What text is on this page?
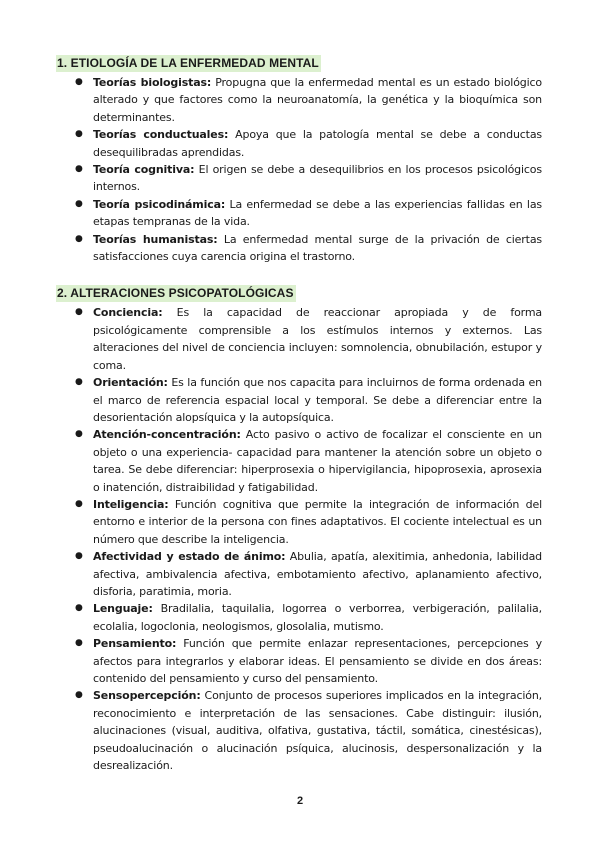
1. ETIOLOGÍA DE LA ENFERMEDAD MENTAL
● Teorías biologistas: Propugna que la enfermedad mental es un estado biológico alterado y que factores como la neuroanatomía, la genética y la bioquímica son determinantes.
● Teorías conductuales: Apoya que la patología mental se debe a conductas desequilibradas aprendidas.
● Teoría cognitiva: El origen se debe a desequilibrios en los procesos psicológicos internos.
● Teoría psicodinámica: La enfermedad se debe a las experiencias fallidas en las etapas tempranas de la vida.
● Teorías humanistas: La enfermedad mental surge de la privación de ciertas satisfacciones cuya carencia origina el trastorno.
2. ALTERACIONES PSICOPATOLÓGICAS
● Conciencia: Es la capacidad de reaccionar apropiada y de forma psicológicamente comprensible a los estímulos internos y externos. Las alteraciones del nivel de conciencia incluyen: somnolencia, obnubilación, estupor y coma.
● Orientación: Es la función que nos capacita para incluirnos de forma ordenada en el marco de referencia espacial local y temporal. Se debe a diferenciar entre la desorientación alopsíquica y la autopsíquica.
● Atención-concentración: Acto pasivo o activo de focalizar el consciente en un objeto o una experiencia- capacidad para mantener la atención sobre un objeto o tarea. Se debe diferenciar: hiperprosexia o hipervigilancia, hipoprosexia, aprosexia o inatención, distraibilidad y fatigabilidad.
● Inteligencia: Función cognitiva que permite la integración de información del entorno e interior de la persona con fines adaptativos. El cociente intelectual es un número que describe la inteligencia.
● Afectividad y estado de ánimo: Abulia, apatía, alexitimia, anhedonia, labilidad afectiva, ambivalencia afectiva, embotamiento afectivo, aplanamiento afectivo, disforia, paratimia, moria.
● Lenguaje: Bradilalia, taquilalia, logorrea o verborrea, verbigeración, palilalia, ecolalia, logoclonia, neologismos, glosolalia, mutismo.
● Pensamiento: Función que permite enlazar representaciones, percepciones y afectos para integrarlos y elaborar ideas. El pensamiento se divide en dos áreas: contenido del pensamiento y curso del pensamiento.
● Sensopercepción: Conjunto de procesos superiores implicados en la integración, reconocimiento e interpretación de las sensaciones. Cabe distinguir: ilusión, alucinaciones (visual, auditiva, olfativa, gustativa, táctil, somática, cinestésicas), pseudoalucinación o alucinación psíquica, alucinosis, despersonalización y la desrealización.
2
